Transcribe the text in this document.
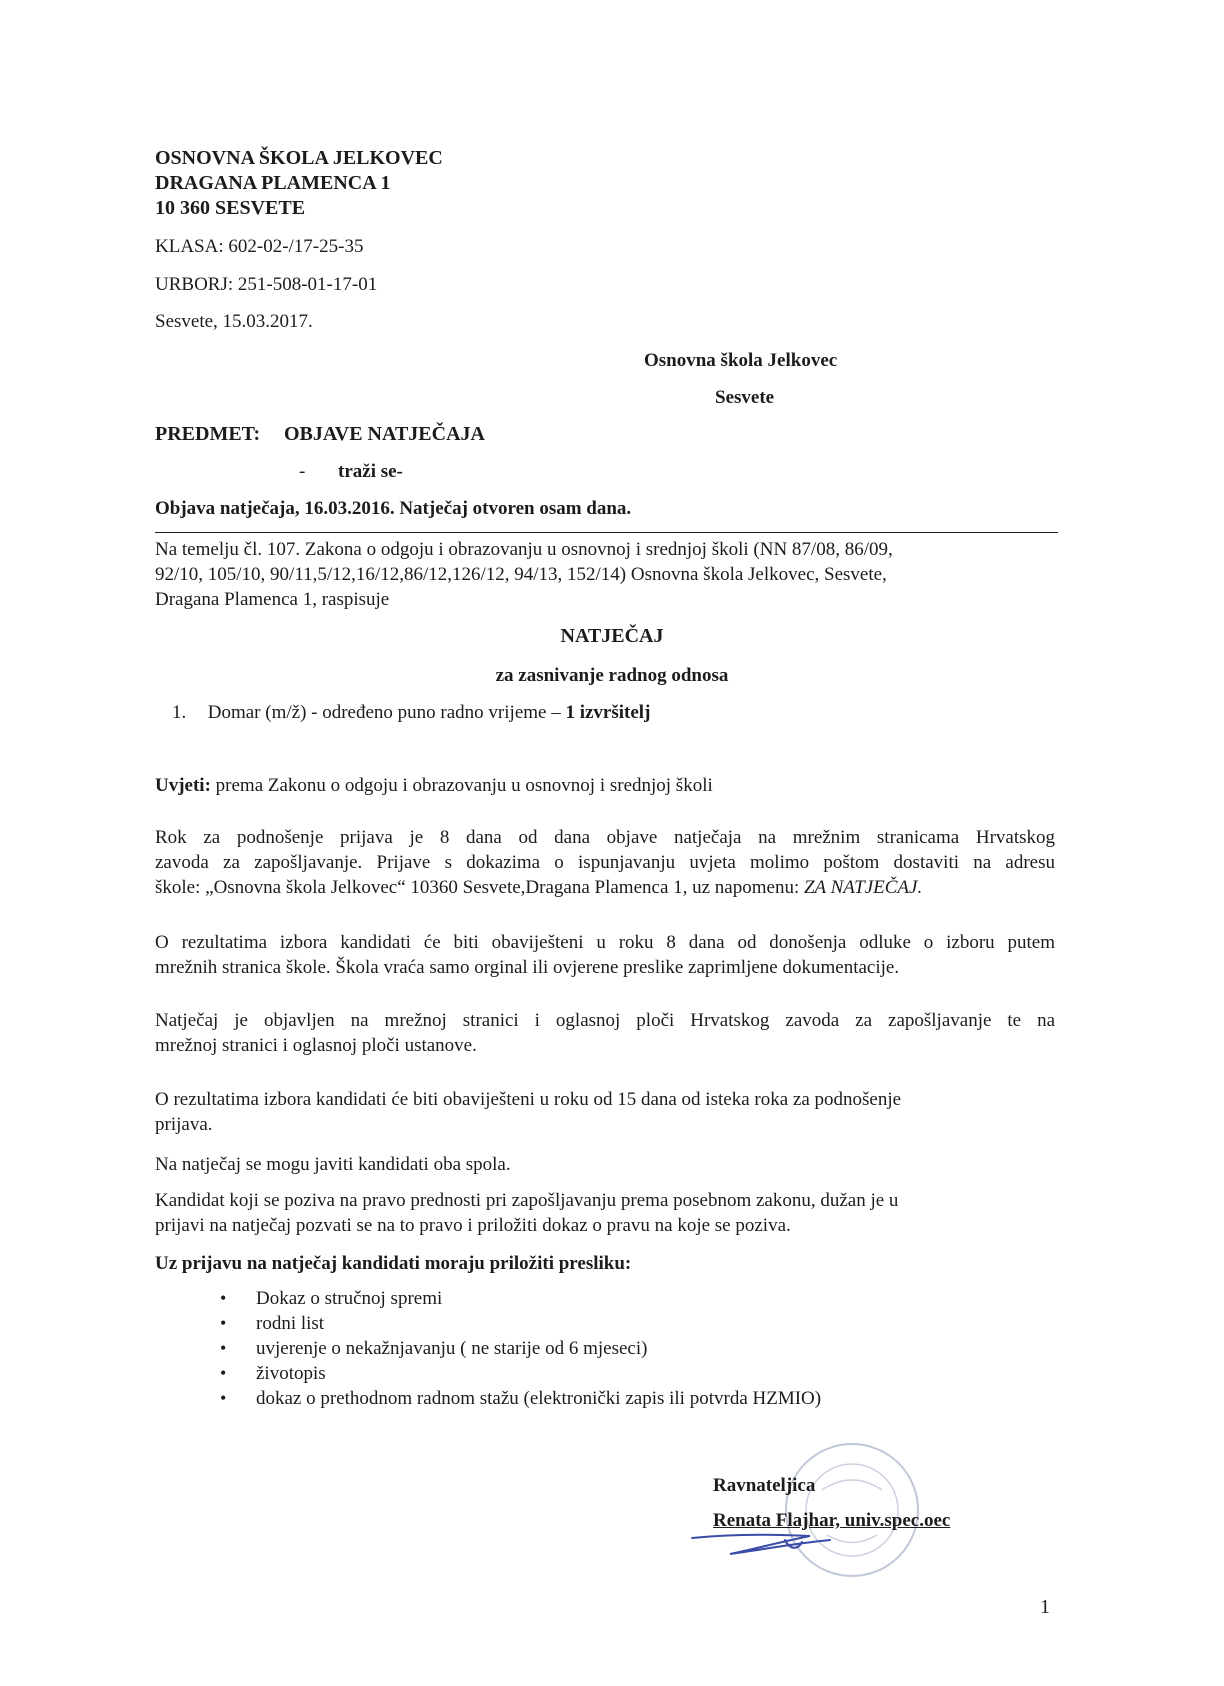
OSNOVNA ŠKOLA JELKOVEC
DRAGANA PLAMENCA 1
10 360 SESVETE
KLASA: 602-02-/17-25-35
URBORJ: 251-508-01-17-01
Sesvete, 15.03.2017.
Osnovna škola Jelkovec
Sesvete
PREDMET: OBJAVE NATJEČAJA
- traži se-
Objava natječaja, 16.03.2016. Natječaj otvoren osam dana.
Na temelju čl. 107. Zakona o odgoju i obrazovanju u osnovnoj i srednjoj školi (NN 87/08, 86/09,
92/10, 105/10, 90/11,5/12,16/12,86/12,126/12, 94/13, 152/14) Osnovna škola Jelkovec, Sesvete,
Dragana Plamenca 1, raspisuje
NATJEČAJ
za zasnivanje radnog odnosa
1. Domar (m/ž) - određeno puno radno vrijeme – 1 izvršitelj
Uvjeti: prema Zakonu o odgoju i obrazovanju u osnovnoj i srednjoj školi
Rok za podnošenje prijava je 8 dana od dana objave natječaja na mrežnim stranicama Hrvatskog
zavoda za zapošljavanje. Prijave s dokazima o ispunjavanju uvjeta molimo poštom dostaviti na adresu
škole: „Osnovna škola Jelkovec“ 10360 Sesvete,Dragana Plamenca 1, uz napomenu: ZA NATJEČAJ.
O rezultatima izbora kandidati će biti obaviješteni u roku 8 dana od donošenja odluke o izboru putem
mrežnih stranica škole. Škola vraća samo orginal ili ovjerene preslike zaprimljene dokumentacije.
Natječaj je objavljen na mrežnoj stranici i oglasnoj ploči Hrvatskog zavoda za zapošljavanje te na
mrežnoj stranici i oglasnoj ploči ustanove.
O rezultatima izbora kandidati će biti obaviješteni u roku od 15 dana od isteka roka za podnošenje
prijava.
Na natječaj se mogu javiti kandidati oba spola.
Kandidat koji se poziva na pravo prednosti pri zapošljavanju prema posebnom zakonu, dužan je u
prijavi na natječaj pozvati se na to pravo i priložiti dokaz o pravu na koje se poziva.
Uz prijavu na natječaj kandidati moraju priložiti presliku:
• Dokaz o stručnoj spremi
• rodni list
• uvjerenje o nekažnjavanju ( ne starije od 6 mjeseci)
• životopis
• dokaz o prethodnom radnom stažu (elektronički zapis ili potvrda HZMIO)
Ravnateljica
Renata Flajhar, univ.spec.oec
1
